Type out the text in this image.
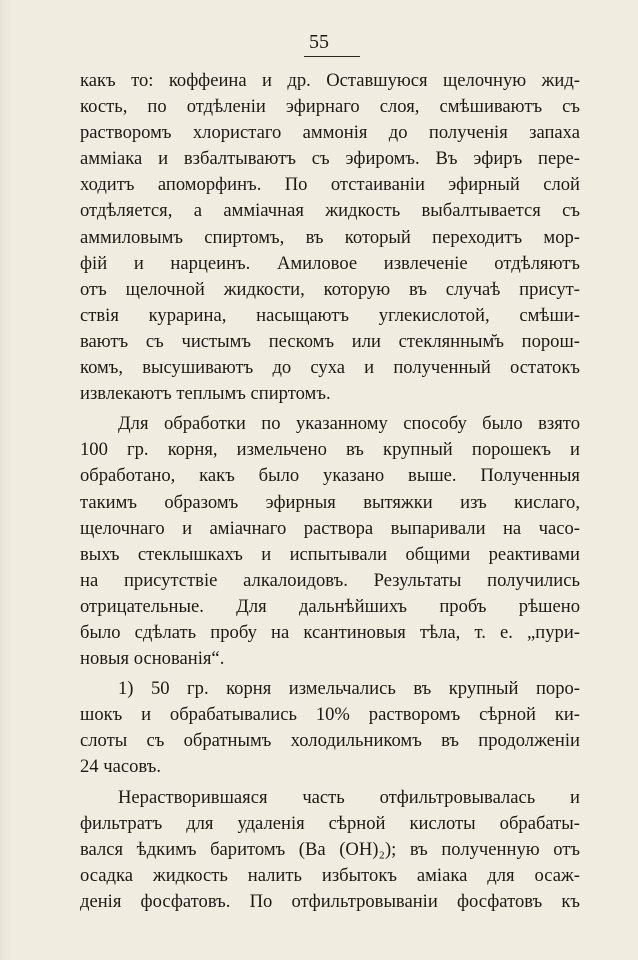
55
какъ то: коффеина и др. Оставшуюся щелочную жид-
кость, по отдѣленіи эфирнаго слоя, смѣшиваютъ съ
растворомъ хлористаго аммонія до полученія запаха
амміака и взбалтываютъ съ эфиромъ. Въ эфиръ пере-
ходитъ апоморфинъ. По отстаиваніи эфирный слой
отдѣляется, а амміачная жидкость выбалтывается съ
аммиловымъ спиртомъ, въ который переходитъ мор-
фій и нарцеинъ. Амиловое извлеченіе отдѣляютъ
отъ щелочной жидкости, которую въ случаѣ присут-
ствія курарина, насыщаютъ углекислотой, смѣши-
ваютъ съ чистымъ пескомъ или стеклянным̆ъ порош-
комъ, высушиваютъ до суха и полученный остатокъ
извлекаютъ теплымъ спиртомъ.
Для обработки по указанному способу было взято
100 гр. корня, измельчено въ крупный порошекъ и
обработано, какъ было указано выше. Полученныя
такимъ образомъ эфирныя вытяжки изъ кислаго,
щелочнаго и аміачнаго раствора выпаривали на часо-
выхъ стеклышкахъ и испытывали общими реактивами
на присутствіе алкалоидовъ. Результаты получились
отрицательные. Для дальнѣйшихъ пробъ рѣшено
было сдѣлать пробу на ксантиновыя тѣла, т. е. „пури-
новыя основанія“.
1) 50 гр. корня измельчались въ крупный поро-
шокъ и обрабатывались 10% растворомъ сѣрной ки-
слоты съ обратнымъ холодильникомъ въ продолженіи
24 часовъ.
Нерастворившаяся часть отфильтровывалась и
фильтратъ для удаленія сѣрной кислоты обрабаты-
вался ѣдкимъ баритомъ (Ва (ОН)₂); въ полученную отъ
осадка жидкость налить избытокъ аміака для осаж-
денія фосфатовъ. По отфильтровываніи фосфатовъ къ
